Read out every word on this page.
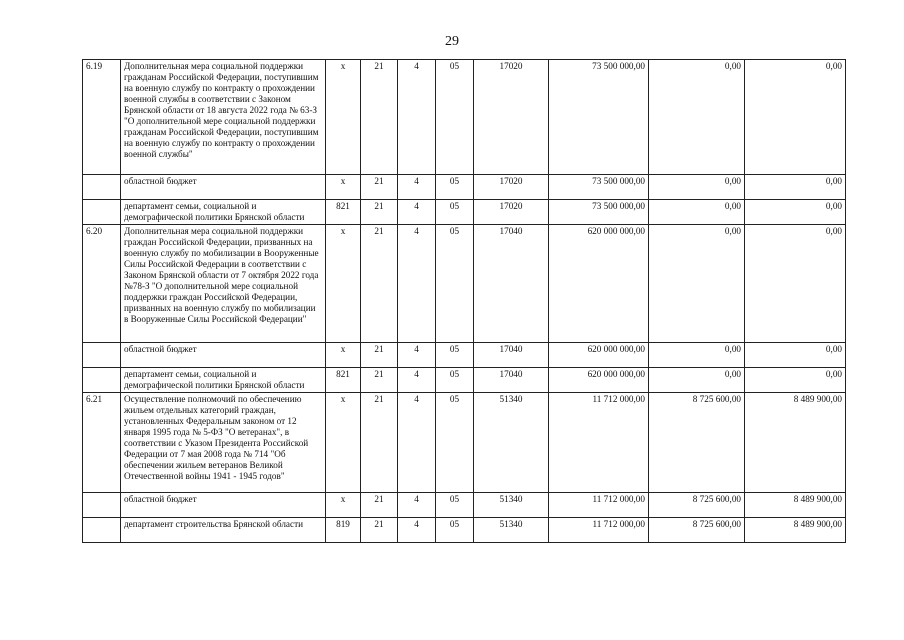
29
6.19	Дополнительная мера социальной поддержки гражданам Российской Федерации, поступившим на военную службу по контракту о прохождении военной службы в соответствии с Законом Брянской области от 18 августа 2022 года № 63-З "О дополнительной мере социальной поддержки гражданам Российской Федерации, поступившим на военную службу по контракту о прохождении военной службы"	х	21	4	05	17020	73 500 000,00	0,00	0,00
	областной бюджет	х	21	4	05	17020	73 500 000,00	0,00	0,00
	департамент семьи, социальной и демографической политики Брянской области	821	21	4	05	17020	73 500 000,00	0,00	0,00
6.20	Дополнительная мера социальной поддержки граждан Российской Федерации, призванных на военную службу по мобилизации в Вооруженные Силы Российской Федерации в соответствии с Законом Брянской области от 7 октября 2022 года №78-З "О дополнительной мере социальной поддержки граждан Российской Федерации, призванных на военную службу по мобилизации в Вооруженные Силы Российской Федерации"	х	21	4	05	17040	620 000 000,00	0,00	0,00
	областной бюджет	х	21	4	05	17040	620 000 000,00	0,00	0,00
	департамент семьи, социальной и демографической политики Брянской области	821	21	4	05	17040	620 000 000,00	0,00	0,00
6.21	Осуществление полномочий по обеспечению жильем отдельных категорий граждан, установленных Федеральным законом от 12 января 1995 года № 5-ФЗ "О ветеранах", в соответствии с Указом Президента Российской Федерации от 7 мая 2008 года № 714 "Об обеспечении жильем ветеранов Великой Отечественной войны 1941 - 1945 годов"	х	21	4	05	51340	11 712 000,00	8 725 600,00	8 489 900,00
	областной бюджет	х	21	4	05	51340	11 712 000,00	8 725 600,00	8 489 900,00
	департамент строительства Брянской области	819	21	4	05	51340	11 712 000,00	8 725 600,00	8 489 900,00
